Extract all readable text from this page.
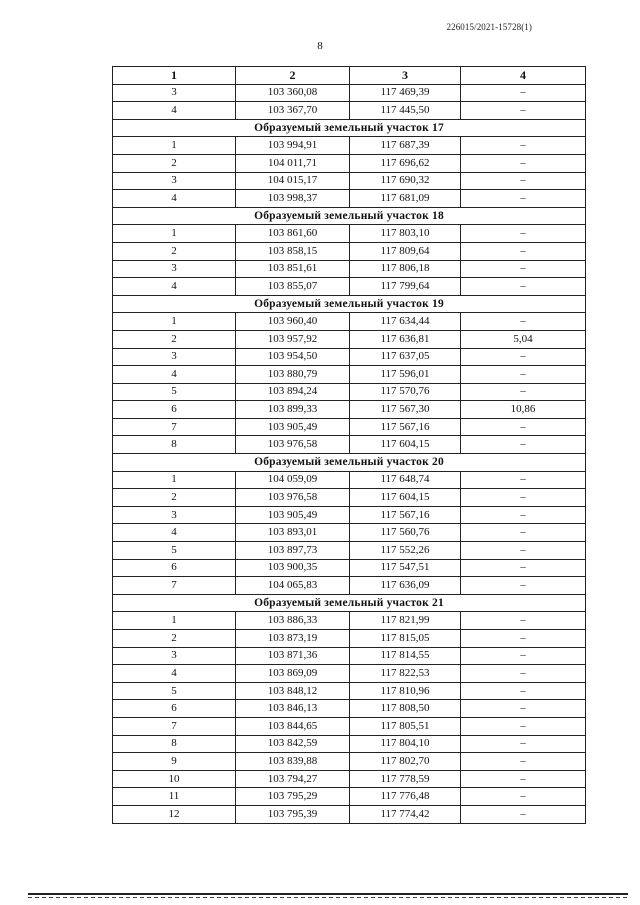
226015/2021-15728(1)
8
1	2	3	4
3	103 360,08	117 469,39	–
4	103 367,70	117 445,50	–
Образуемый земельный участок 17			
1	103 994,91	117 687,39	–
2	104 011,71	117 696,62	–
3	104 015,17	117 690,32	–
4	103 998,37	117 681,09	–
Образуемый земельный участок 18			
1	103 861,60	117 803,10	–
2	103 858,15	117 809,64	–
3	103 851,61	117 806,18	–
4	103 855,07	117 799,64	–
Образуемый земельный участок 19			
1	103 960,40	117 634,44	–
2	103 957,92	117 636,81	5,04
3	103 954,50	117 637,05	–
4	103 880,79	117 596,01	–
5	103 894,24	117 570,76	–
6	103 899,33	117 567,30	10,86
7	103 905,49	117 567,16	–
8	103 976,58	117 604,15	–
Образуемый земельный участок 20			
1	104 059,09	117 648,74	–
2	103 976,58	117 604,15	–
3	103 905,49	117 567,16	–
4	103 893,01	117 560,76	–
5	103 897,73	117 552,26	–
6	103 900,35	117 547,51	–
7	104 065,83	117 636,09	–
Образуемый земельный участок 21			
1	103 886,33	117 821,99	–
2	103 873,19	117 815,05	–
3	103 871,36	117 814,55	–
4	103 869,09	117 822,53	–
5	103 848,12	117 810,96	–
6	103 846,13	117 808,50	–
7	103 844,65	117 805,51	–
8	103 842,59	117 804,10	–
9	103 839,88	117 802,70	–
10	103 794,27	117 778,59	–
11	103 795,29	117 776,48	–
12	103 795,39	117 774,42	–
